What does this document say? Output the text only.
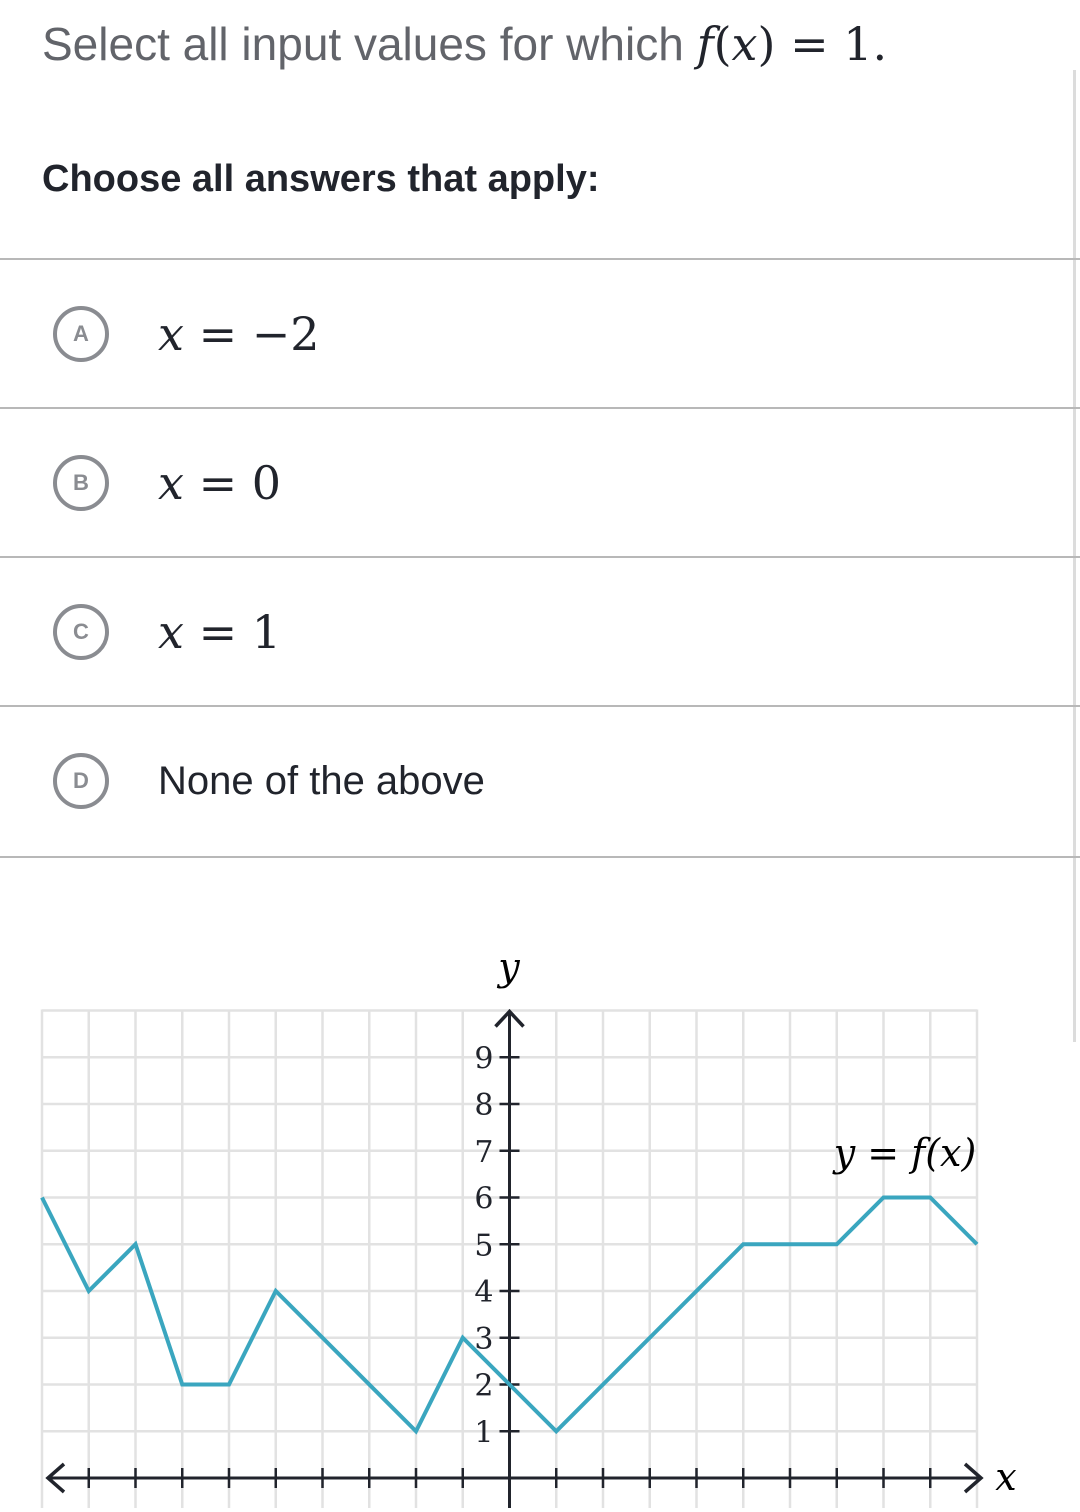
Select all input values for which f(x) = 1.
Choose all answers that apply:
A	x = −2
B	x = 0
C	x = 1
D	None of the above
1
2
3
4
5
6
7
8
9
y
x
y = f(x)
